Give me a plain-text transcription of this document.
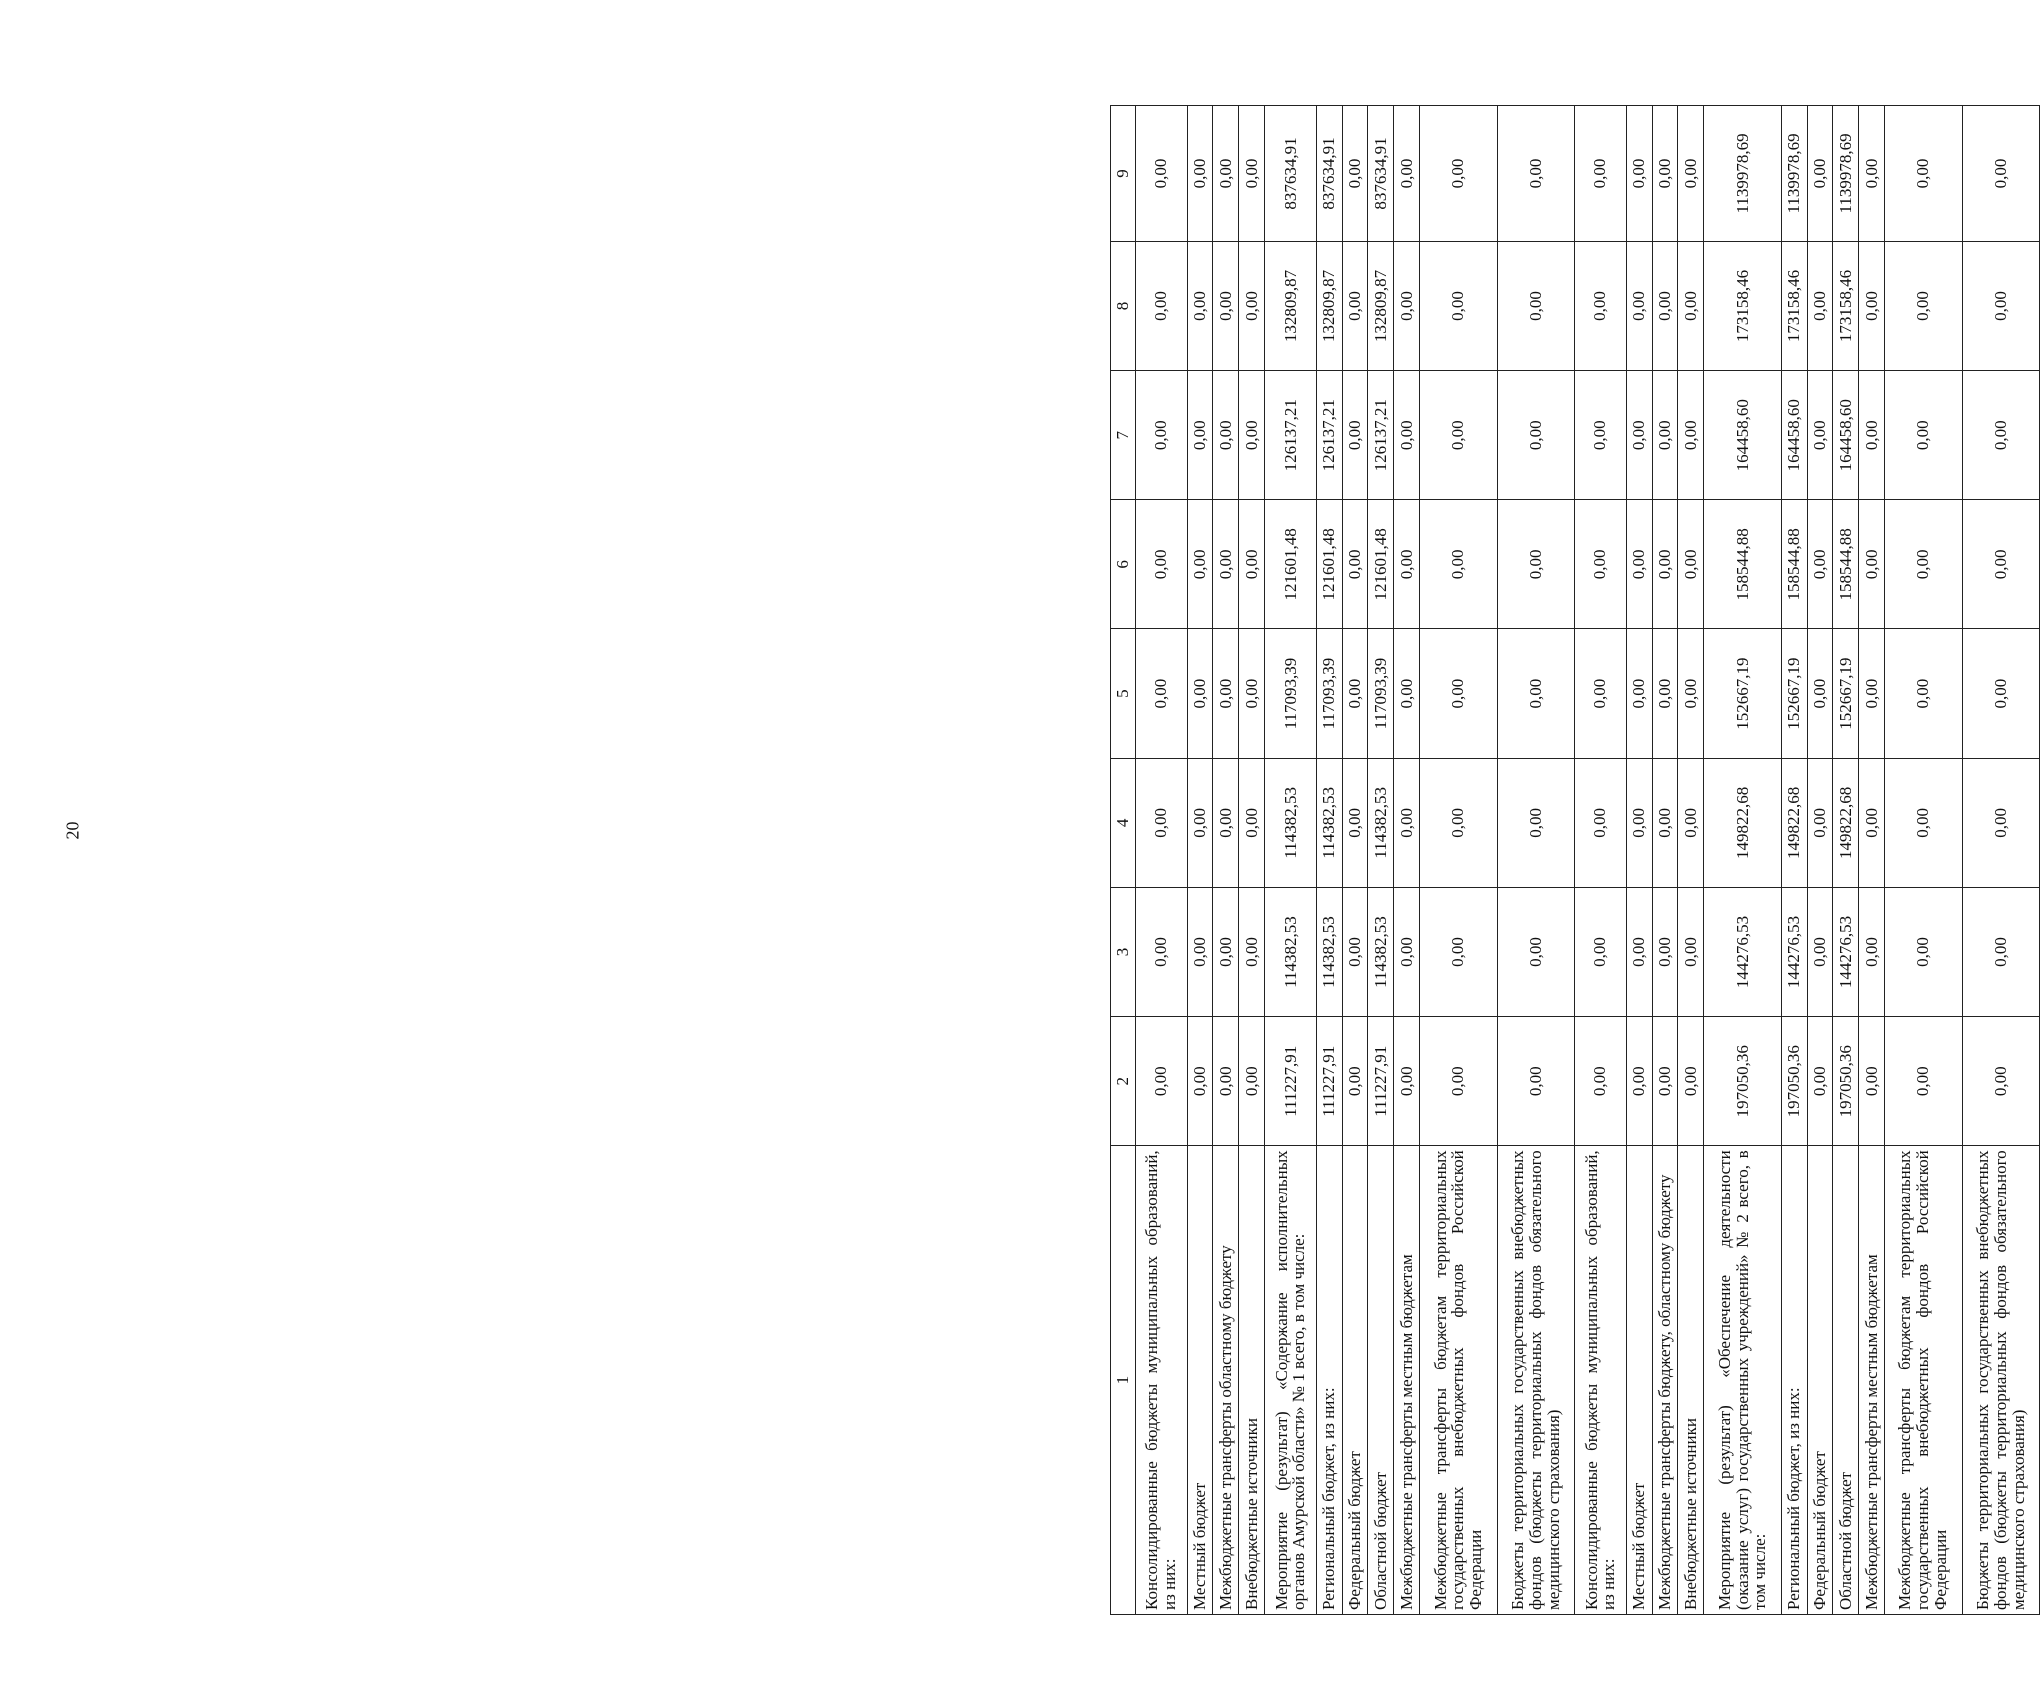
20
1	2	3	4	5	6	7	8	9
Консолидированные бюджеты муниципальных образований, из них:	0,00	0,00	0,00	0,00	0,00	0,00	0,00	0,00
Местный бюджет	0,00	0,00	0,00	0,00	0,00	0,00	0,00	0,00
Межбюджетные трансферты областному бюджету	0,00	0,00	0,00	0,00	0,00	0,00	0,00	0,00
Внебюджетные источники	0,00	0,00	0,00	0,00	0,00	0,00	0,00	0,00
Мероприятие (результат) «Содержание исполнительных органов Амурской области» № 1 всего, в том числе:	111227,91	114382,53	114382,53	117093,39	121601,48	126137,21	132809,87	837634,91
Региональный бюджет, из них:	111227,91	114382,53	114382,53	117093,39	121601,48	126137,21	132809,87	837634,91
Федеральный бюджет	0,00	0,00	0,00	0,00	0,00	0,00	0,00	0,00
Областной бюджет	111227,91	114382,53	114382,53	117093,39	121601,48	126137,21	132809,87	837634,91
Межбюджетные трансферты местным бюджетам	0,00	0,00	0,00	0,00	0,00	0,00	0,00	0,00
Межбюджетные трансферты бюджетам территориальных государственных внебюджетных фондов Российской Федерации	0,00	0,00	0,00	0,00	0,00	0,00	0,00	0,00
Бюджеты территориальных государственных внебюджетных фондов (бюджеты территориальных фондов обязательного медицинского страхования)	0,00	0,00	0,00	0,00	0,00	0,00	0,00	0,00
Консолидированные бюджеты муниципальных образований, из них:	0,00	0,00	0,00	0,00	0,00	0,00	0,00	0,00
Местный бюджет	0,00	0,00	0,00	0,00	0,00	0,00	0,00	0,00
Межбюджетные трансферты бюджету, областному бюджету	0,00	0,00	0,00	0,00	0,00	0,00	0,00	0,00
Внебюджетные источники	0,00	0,00	0,00	0,00	0,00	0,00	0,00	0,00
Мероприятие (результат) «Обеспечение деятельности (оказание услуг) государственных учреждений» № 2 всего, в том числе:	197050,36	144276,53	149822,68	152667,19	158544,88	164458,60	173158,46	1139978,69
Региональный бюджет, из них:	197050,36	144276,53	149822,68	152667,19	158544,88	164458,60	173158,46	1139978,69
Федеральный бюджет	0,00	0,00	0,00	0,00	0,00	0,00	0,00	0,00
Областной бюджет	197050,36	144276,53	149822,68	152667,19	158544,88	164458,60	173158,46	1139978,69
Межбюджетные трансферты местным бюджетам	0,00	0,00	0,00	0,00	0,00	0,00	0,00	0,00
Межбюджетные трансферты бюджетам территориальных государственных внебюджетных фондов Российской Федерации	0,00	0,00	0,00	0,00	0,00	0,00	0,00	0,00
Бюджеты территориальных государственных внебюджетных фондов (бюджеты территориальных фондов обязательного медицинского страхования)	0,00	0,00	0,00	0,00	0,00	0,00	0,00	0,00
